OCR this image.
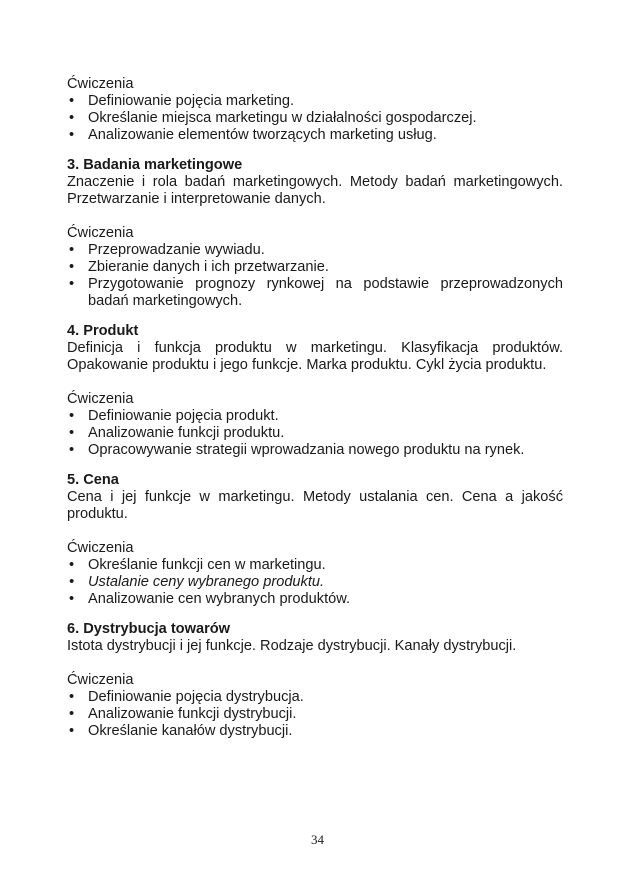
Ćwiczenia

• Definiowanie pojęcia marketing.
• Określanie miejsca marketingu w działalności gospodarczej.
• Analizowanie elementów tworzących marketing usług.

3. Badania marketingowe

Znaczenie i rola badań marketingowych. Metody badań marketingowych. Przetwarzanie i interpretowanie danych.

Ćwiczenia

• Przeprowadzanie wywiadu.
• Zbieranie danych i ich przetwarzanie.
• Przygotowanie prognozy rynkowej na podstawie przeprowadzonych badań marketingowych.

4. Produkt

Definicja i funkcja produktu w marketingu. Klasyfikacja produktów. Opakowanie produktu i jego funkcje. Marka produktu. Cykl życia produktu.

Ćwiczenia

• Definiowanie pojęcia produkt.
• Analizowanie funkcji produktu.
• Opracowywanie strategii wprowadzania nowego produktu na rynek.

5. Cena

Cena i jej funkcje w marketingu. Metody ustalania cen. Cena a jakość produktu.

Ćwiczenia

• Określanie funkcji cen w marketingu.
• Ustalanie ceny wybranego produktu.
• Analizowanie cen wybranych produktów.

6. Dystrybucja towarów

Istota dystrybucji i jej funkcje. Rodzaje dystrybucji. Kanały dystrybucji.

Ćwiczenia

• Definiowanie pojęcia dystrybucja.
• Analizowanie funkcji dystrybucji.
• Określanie kanałów dystrybucji.
34
